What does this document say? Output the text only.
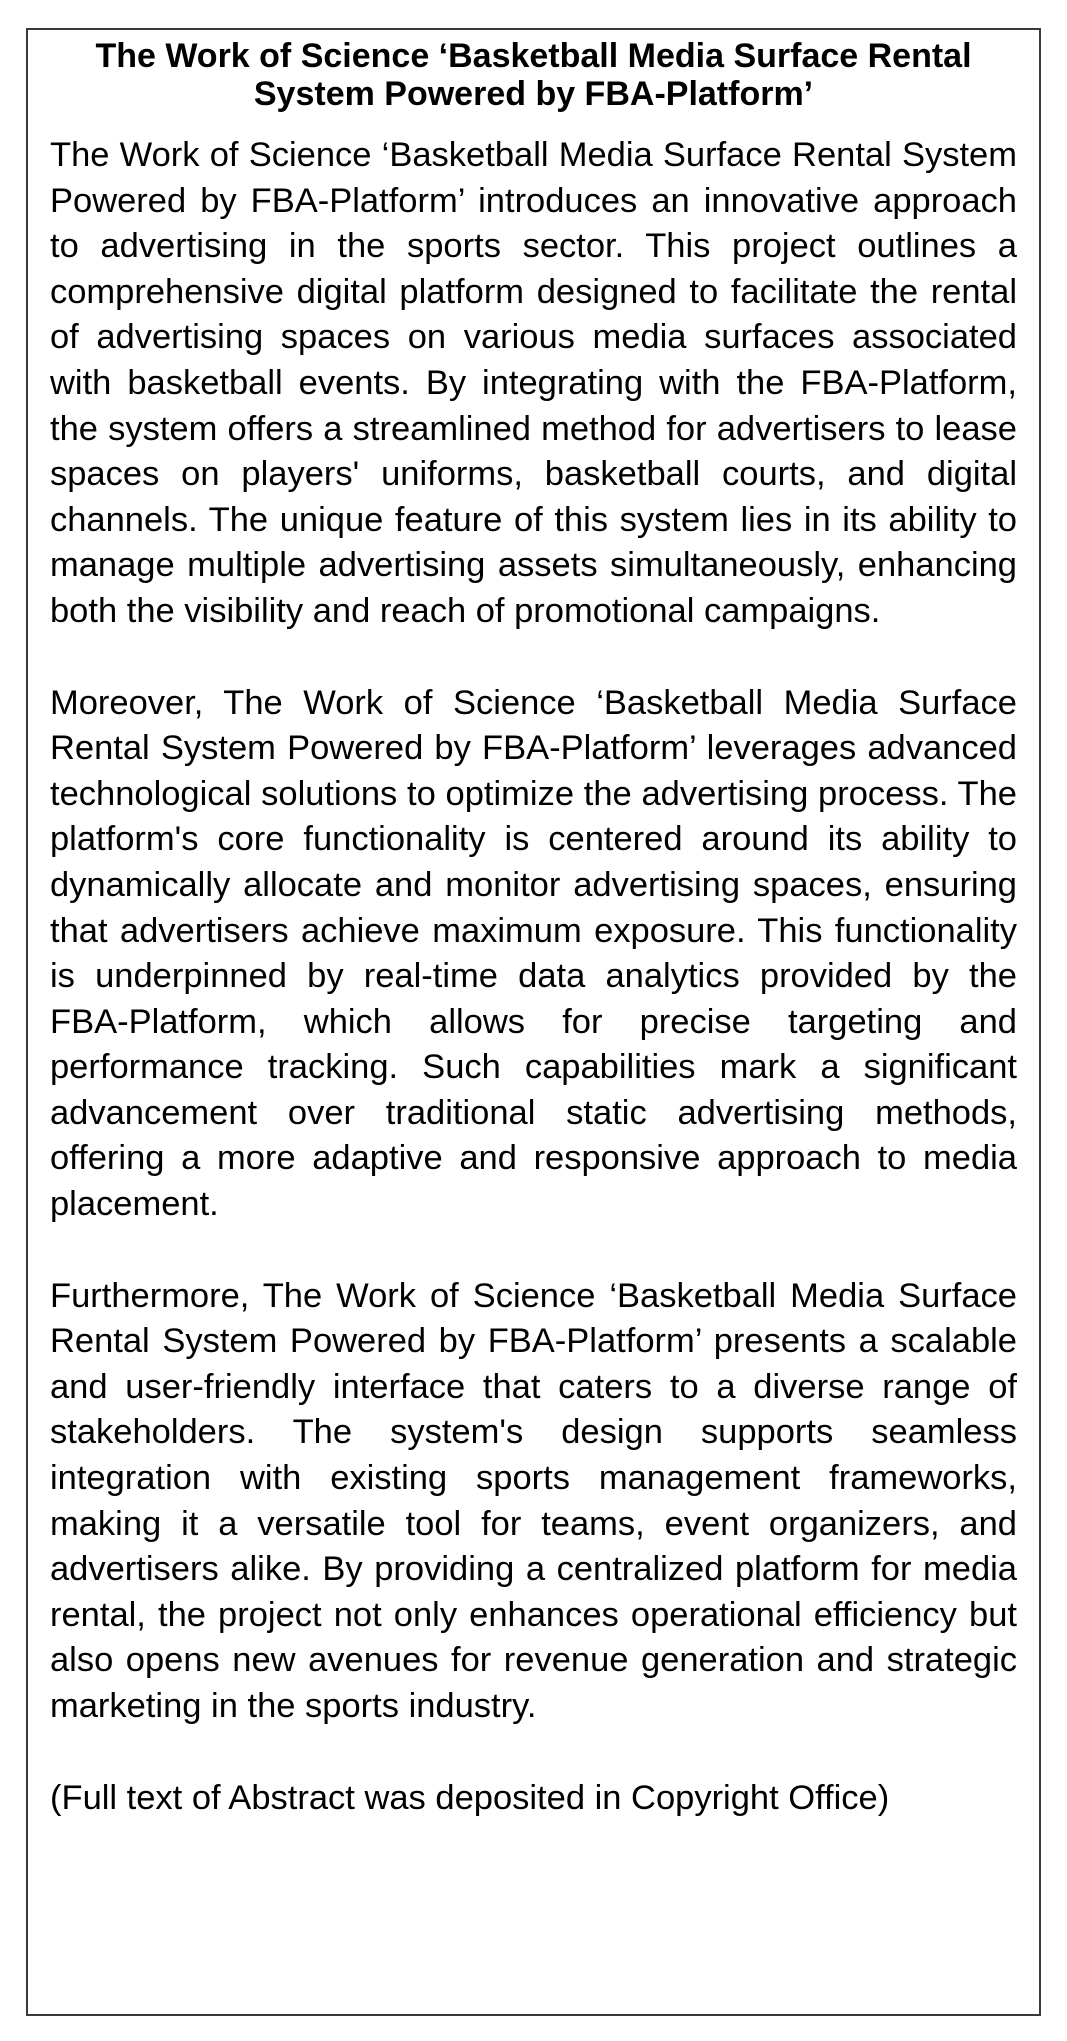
The Work of Science ‘Basketball Media Surface Rental System Powered by FBA-Platform’

The Work of Science ‘Basketball Media Surface Rental System Powered by FBA-Platform’ introduces an innovative approach to advertising in the sports sector. This project outlines a comprehensive digital platform designed to facilitate the rental of advertising spaces on various media surfaces associated with basketball events. By integrating with the FBA-Platform, the system offers a streamlined method for advertisers to lease spaces on players' uniforms, basketball courts, and digital channels. The unique feature of this system lies in its ability to manage multiple advertising assets simultaneously, enhancing both the visibility and reach of promotional campaigns.

Moreover, The Work of Science ‘Basketball Media Surface Rental System Powered by FBA-Platform’ leverages advanced technological solutions to optimize the advertising process. The platform's core functionality is centered around its ability to dynamically allocate and monitor advertising spaces, ensuring that advertisers achieve maximum exposure. This functionality is underpinned by real-time data analytics provided by the FBA-Platform, which allows for precise targeting and performance tracking. Such capabilities mark a significant advancement over traditional static advertising methods, offering a more adaptive and responsive approach to media placement.

Furthermore, The Work of Science ‘Basketball Media Surface Rental System Powered by FBA-Platform’ presents a scalable and user-friendly interface that caters to a diverse range of stakeholders. The system's design supports seamless integration with existing sports management frameworks, making it a versatile tool for teams, event organizers, and advertisers alike. By providing a centralized platform for media rental, the project not only enhances operational efficiency but also opens new avenues for revenue generation and strategic marketing in the sports industry.

(Full text of Abstract was deposited in Copyright Office)
